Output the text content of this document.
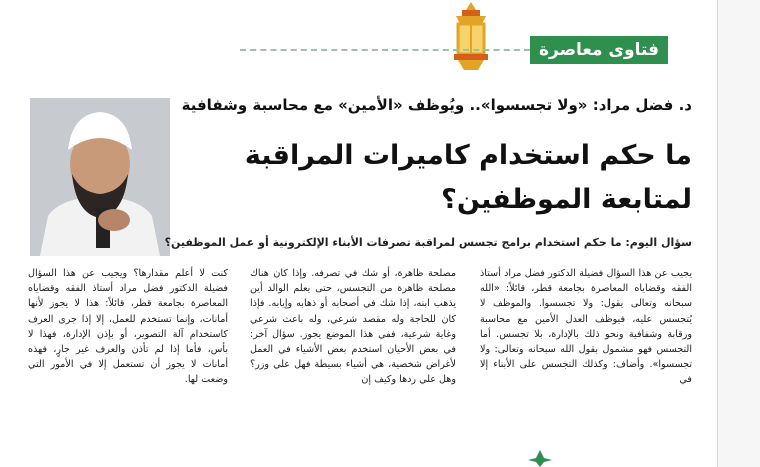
فتاوى معاصرة
د. فضل مراد: «ولا تجسسوا».. ويُوظف «الأمين» مع محاسبة وشفافية
ما حكم استخدام كاميرات المراقبة
لمتابعة الموظفين؟
سؤال اليوم: ما حكم استخدام برامج تجسس لمراقبة تصرفات الأبناء الإلكترونية أو عمل الموظفين؟

يجيب عن هذا السؤال فضيلة الدكتور فضل مراد أستاذ الفقه وقضاياه المعاصرة بجامعة قطر، قائلاً: «الله سبحانه وتعالى يقول: ولا تجسسوا. والموظف لا يُتجسس عليه، فيوظف العدل الأمين مع محاسبة ورقابة وشفافية ونحو ذلك بالإدارة، بلا تجسس. أما التجسس فهو مشمول بقول الله سبحانه وتعالى: ولا تجسسوا». وأضاف: وكذلك التجسس على الأبناء إلا في

مصلحة ظاهرة، أو شك في تصرفه. وإذا كان هناك مصلحة ظاهرة من التجسس، حتى يعلم الوالد أين يذهب ابنه، إذا شك في أصحابه أو ذهابه وإيابه. فإذا كان للحاجة وله مقصد شرعي، وله باعث شرعي وغاية شرعية، ففي هذا الموضع يجوز. سؤال آخر: في بعض الأحيان استخدم بعض الأشياء في العمل لأغراض شخصية، هي أشياء بسيطة فهل علي وزر؟ وهل علي ردها وكيف إن

كنت لا أعلم مقدارها؟ ويجيب عن هذا السؤال فضيلة الدكتور فضل مراد أستاذ الفقه وقضاياه المعاصرة بجامعة قطر، قائلاً: هذا لا يجوز لأنها أمانات، وإنما تستخدم للعمل، إلا إذا جرى العرف كاستخدام آلة التصوير، أو بإذن الإدارة، فهذا لا بأس، فأما إذا لم تأذن والعرف غير جارٍ، فهذه أمانات لا يجوز أن تستعمل إلا في الأمور التي وضعت لها.
